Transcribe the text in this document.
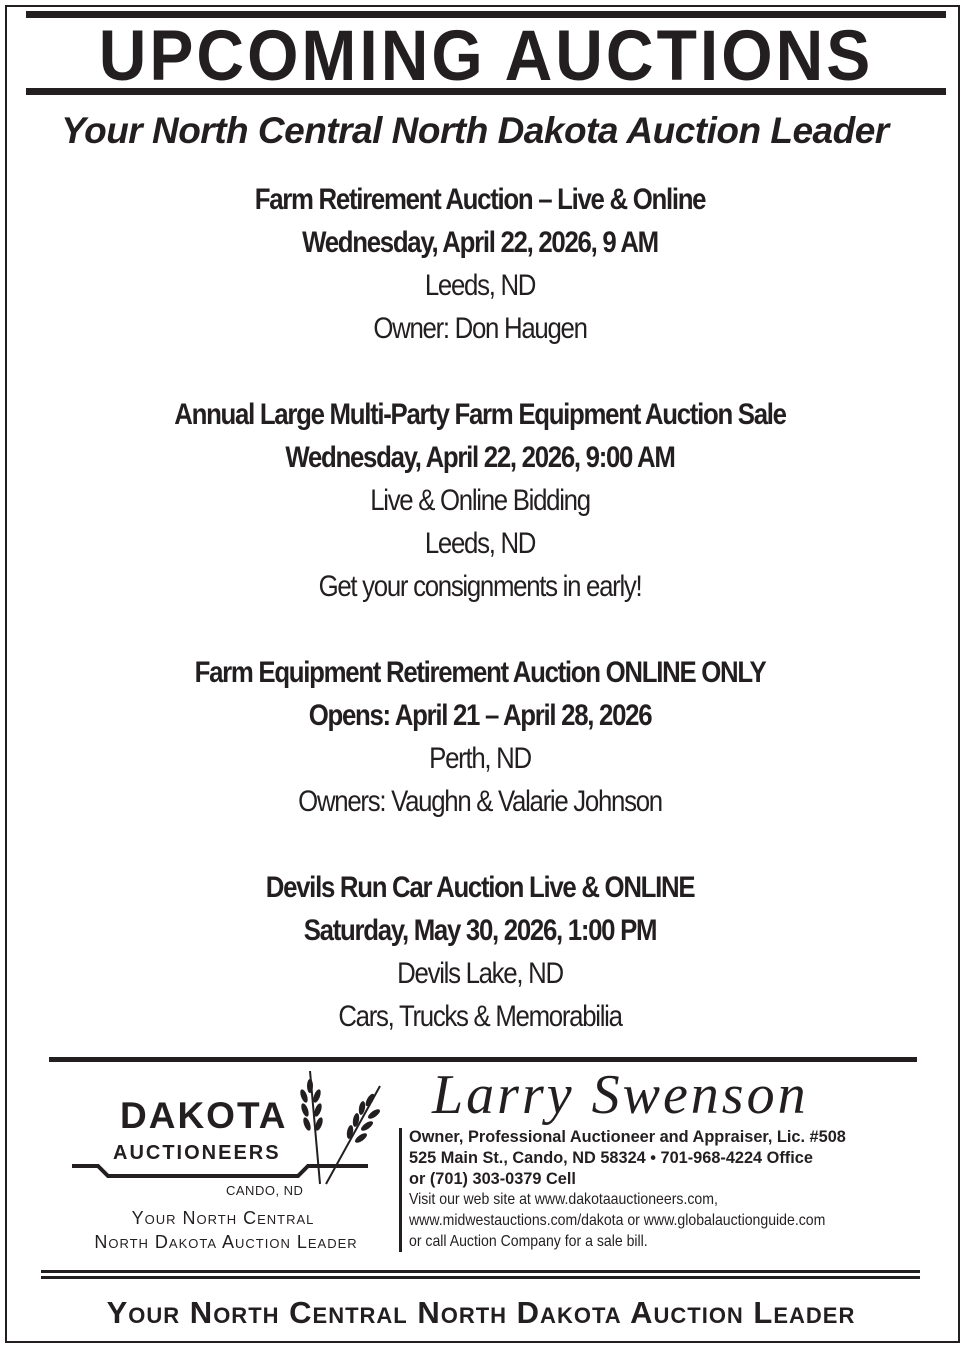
UPCOMING AUCTIONS
Your North Central North Dakota Auction Leader
Farm Retirement Auction – Live & Online
Wednesday, April 22, 2026, 9 AM
Leeds, ND
Owner: Don Haugen
Annual Large Multi-Party Farm Equipment Auction Sale
Wednesday, April 22, 2026, 9:00 AM
Live & Online Bidding
Leeds, ND
Get your consignments in early!
Farm Equipment Retirement Auction ONLINE ONLY
Opens: April 21 – April 28, 2026
Perth, ND
Owners: Vaughn & Valarie Johnson
Devils Run Car Auction Live & ONLINE
Saturday, May 30, 2026, 1:00 PM
Devils Lake, ND
Cars, Trucks & Memorabilia
DAKOTA
AUCTIONEERS
CANDO, ND
Your North Central
North Dakota Auction Leader
Larry Swenson
Owner, Professional Auctioneer and Appraiser, Lic. #508
525 Main St., Cando, ND 58324 • 701-968-4224 Office
or (701) 303-0379 Cell
Visit our web site at www.dakotaauctioneers.com,
www.midwestauctions.com/dakota or www.globalauctionguide.com
or call Auction Company for a sale bill.
Your North Central North Dakota Auction Leader
